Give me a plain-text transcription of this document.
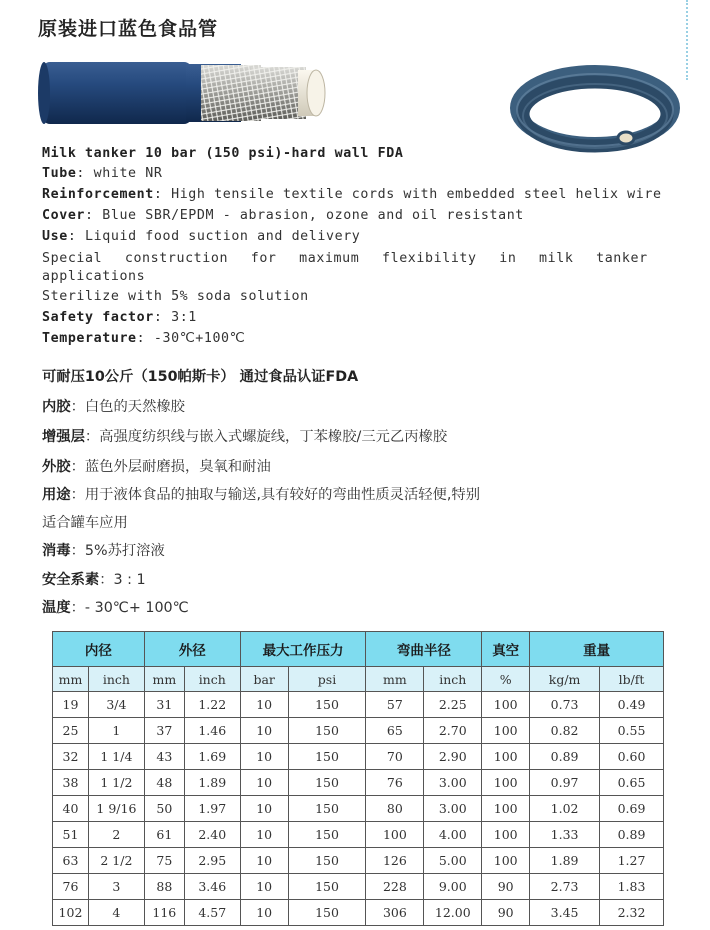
原装进口蓝色食品管
Milk tanker 10 bar (150 psi)-hard wall FDA
Tube: white NR
Reinforcement: High tensile textile cords with embedded steel helix wire
Cover: Blue SBR/EPDM - abrasion, ozone and oil resistant
Use: Liquid food suction and delivery
Special construction for maximum flexibility in milk tanker applications
Sterilize with 5% soda solution
Safety factor: 3:1
Temperature: -30℃+100℃
可耐压10公斤（150帕斯卡） 通过食品认证FDA
内胶：白色的天然橡胶
增强层：高强度纺织线与嵌入式螺旋线，丁苯橡胶/三元乙丙橡胶
外胶：蓝色外层耐磨损，臭氧和耐油
用途：用于液体食品的抽取与输送,具有较好的弯曲性质灵活轻便,特别
适合罐车应用
消毒：5%苏打溶液
安全系素：3 : 1
温度：- 30℃+ 100℃
内径		外径		最大工作压力		弯曲半径		真空	重量	
mm	inch	mm	inch	bar	psi	mm	inch	%	kg/m	lb/ft
19	3/4	31	1.22	10	150	57	2.25	100	0.73	0.49
25	1	37	1.46	10	150	65	2.70	100	0.82	0.55
32	1 1/4	43	1.69	10	150	70	2.90	100	0.89	0.60
38	1 1/2	48	1.89	10	150	76	3.00	100	0.97	0.65
40	1 9/16	50	1.97	10	150	80	3.00	100	1.02	0.69
51	2	61	2.40	10	150	100	4.00	100	1.33	0.89
63	2 1/2	75	2.95	10	150	126	5.00	100	1.89	1.27
76	3	88	3.46	10	150	228	9.00	90	2.73	1.83
102	4	116	4.57	10	150	306	12.00	90	3.45	2.32
